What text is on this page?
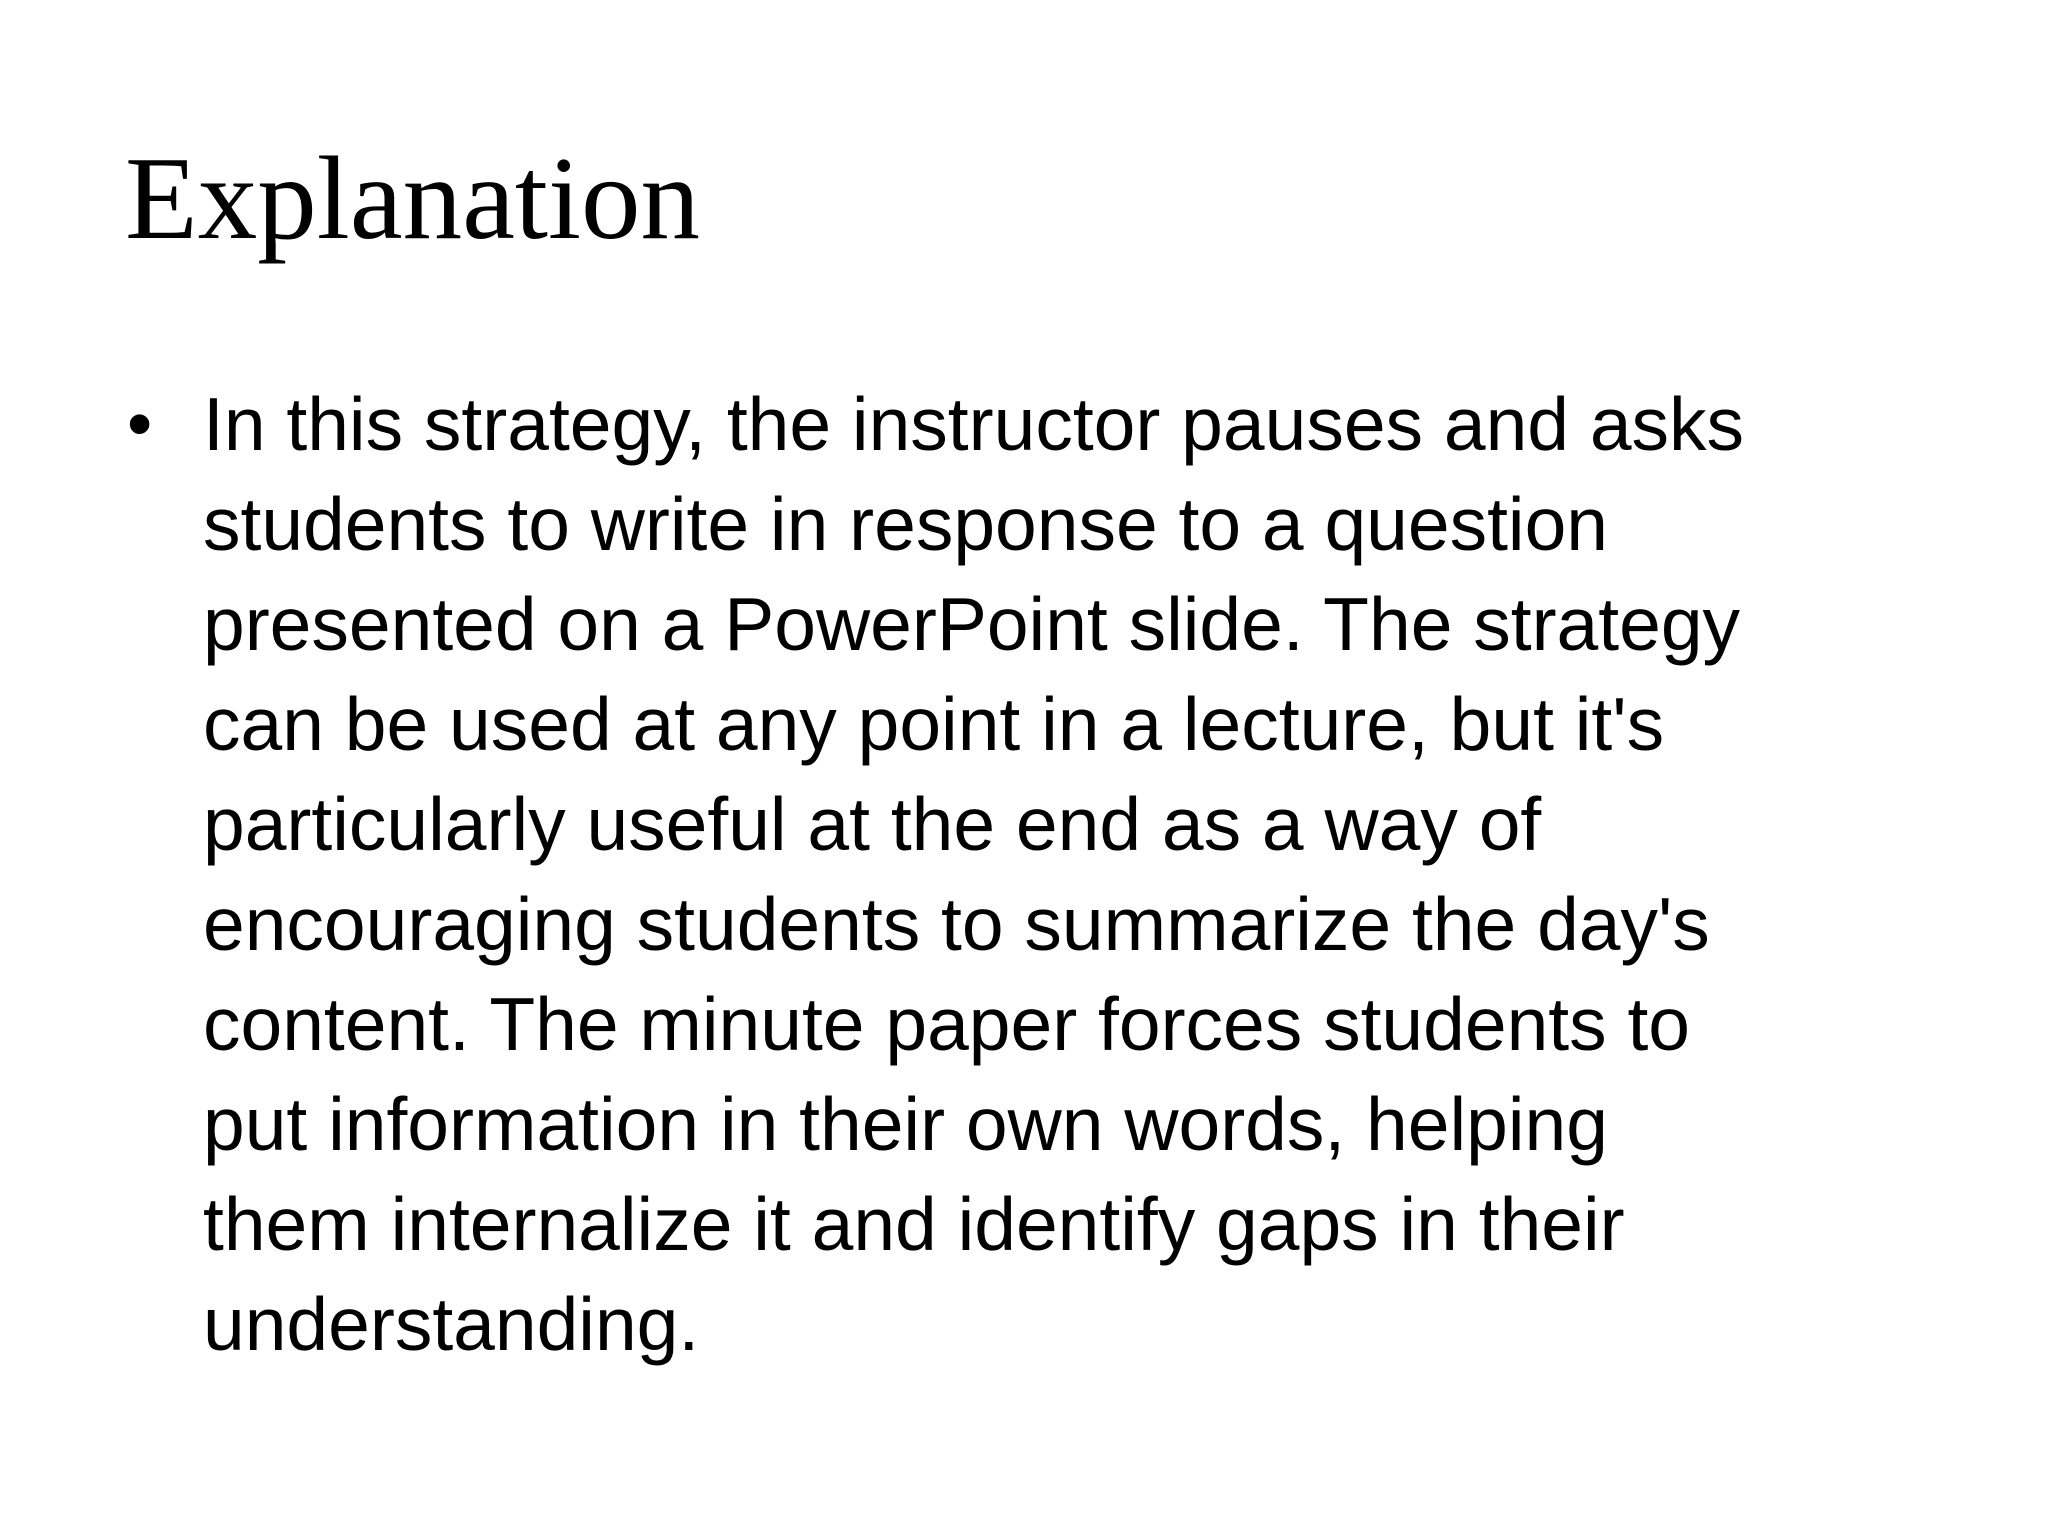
Explanation
• In this strategy, the instructor pauses and asks
students to write in response to a question
presented on a PowerPoint slide. The strategy
can be used at any point in a lecture, but it's
particularly useful at the end as a way of
encouraging students to summarize the day's
content. The minute paper forces students to
put information in their own words, helping
them internalize it and identify gaps in their
understanding.
